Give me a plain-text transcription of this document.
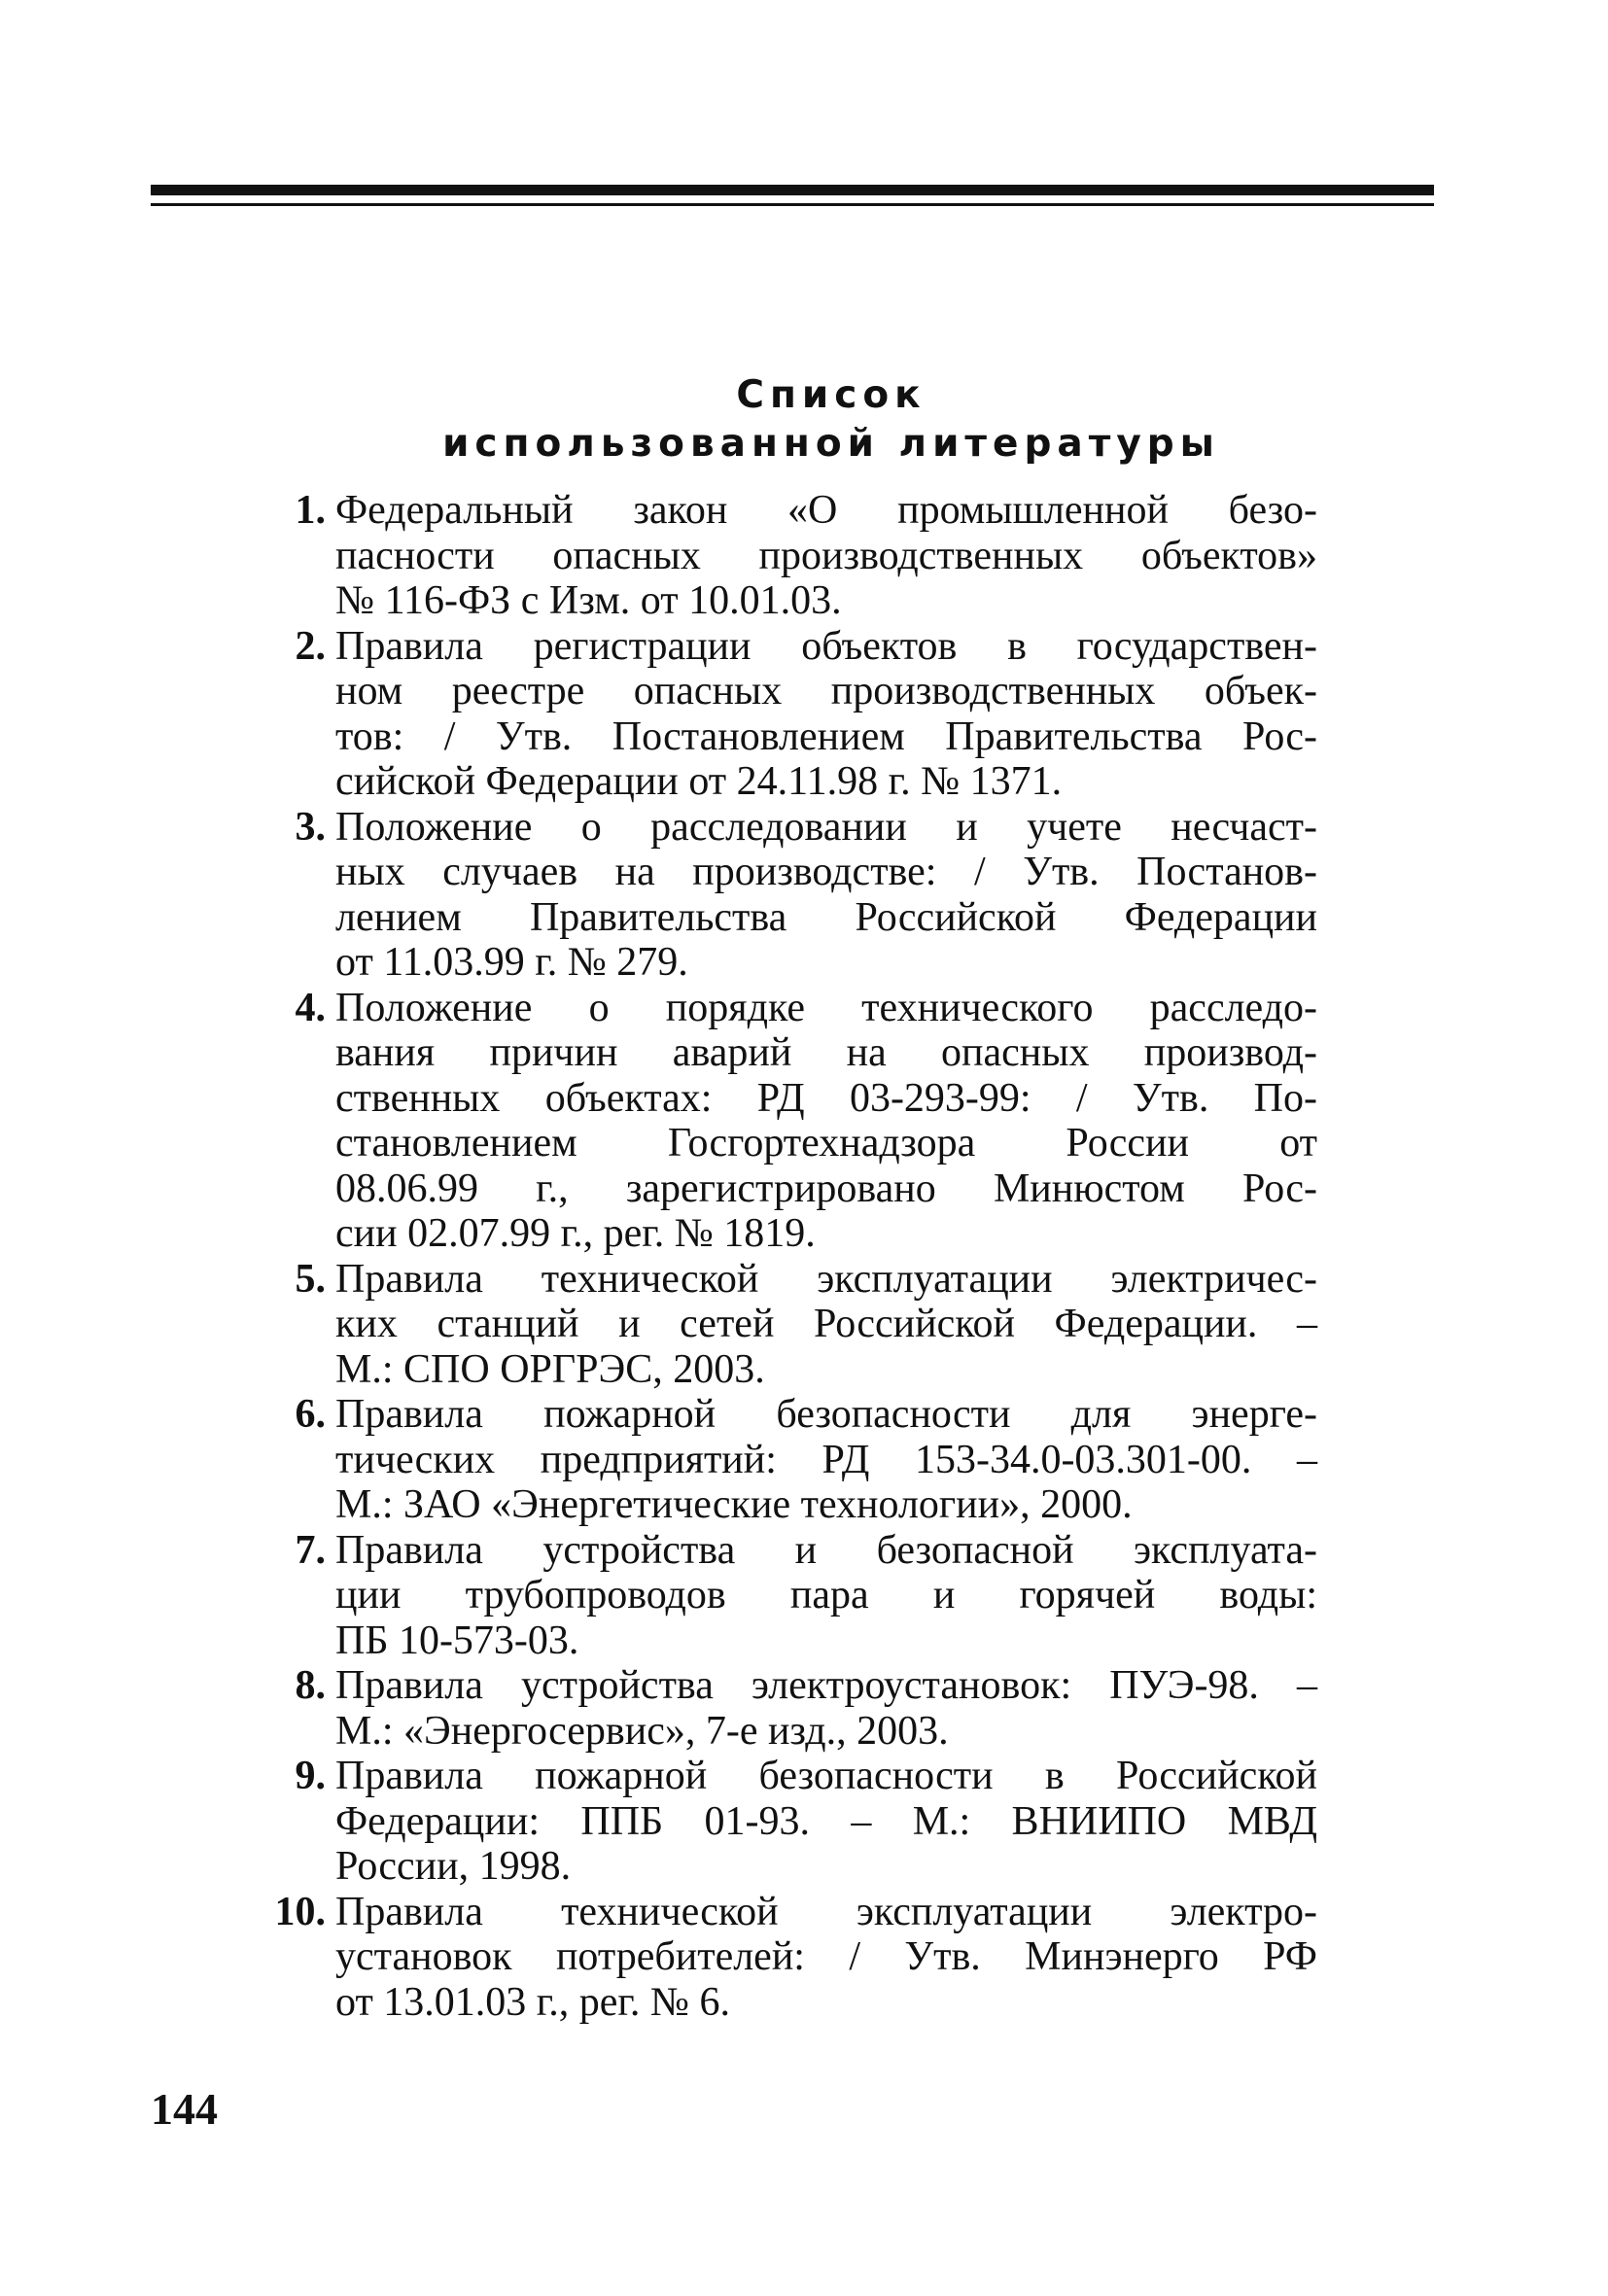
Список
использованной литературы
1. Федеральный закон «О промышленной безо-
пасности опасных производственных объектов»
№ 116-ФЗ с Изм. от 10.01.03.
2. Правила регистрации объектов в государствен-
ном реестре опасных производственных объек-
тов: / Утв. Постановлением Правительства Рос-
сийской Федерации от 24.11.98 г. № 1371.
3. Положение о расследовании и учете несчаст-
ных случаев на производстве: / Утв. Постанов-
лением Правительства Российской Федерации
от 11.03.99 г. № 279.
4. Положение о порядке технического расследо-
вания причин аварий на опасных производ-
ственных объектах: РД 03-293-99: / Утв. По-
становлением Госгортехнадзора России от
08.06.99 г., зарегистрировано Минюстом Рос-
сии 02.07.99 г., рег. № 1819.
5. Правила технической эксплуатации электричес-
ких станций и сетей Российской Федерации. –
М.: СПО ОРГРЭС, 2003.
6. Правила пожарной безопасности для энерге-
тических предприятий: РД 153-34.0-03.301-00. –
М.: ЗАО «Энергетические технологии», 2000.
7. Правила устройства и безопасной эксплуата-
ции трубопроводов пара и горячей воды:
ПБ 10-573-03.
8. Правила устройства электроустановок: ПУЭ-98. –
М.: «Энергосервис», 7-е изд., 2003.
9. Правила пожарной безопасности в Российской
Федерации: ППБ 01-93. – М.: ВНИИПО МВД
России, 1998.
10. Правила технической эксплуатации электро-
установок потребителей: / Утв. Минэнерго РФ
от 13.01.03 г., рег. № 6.
144
